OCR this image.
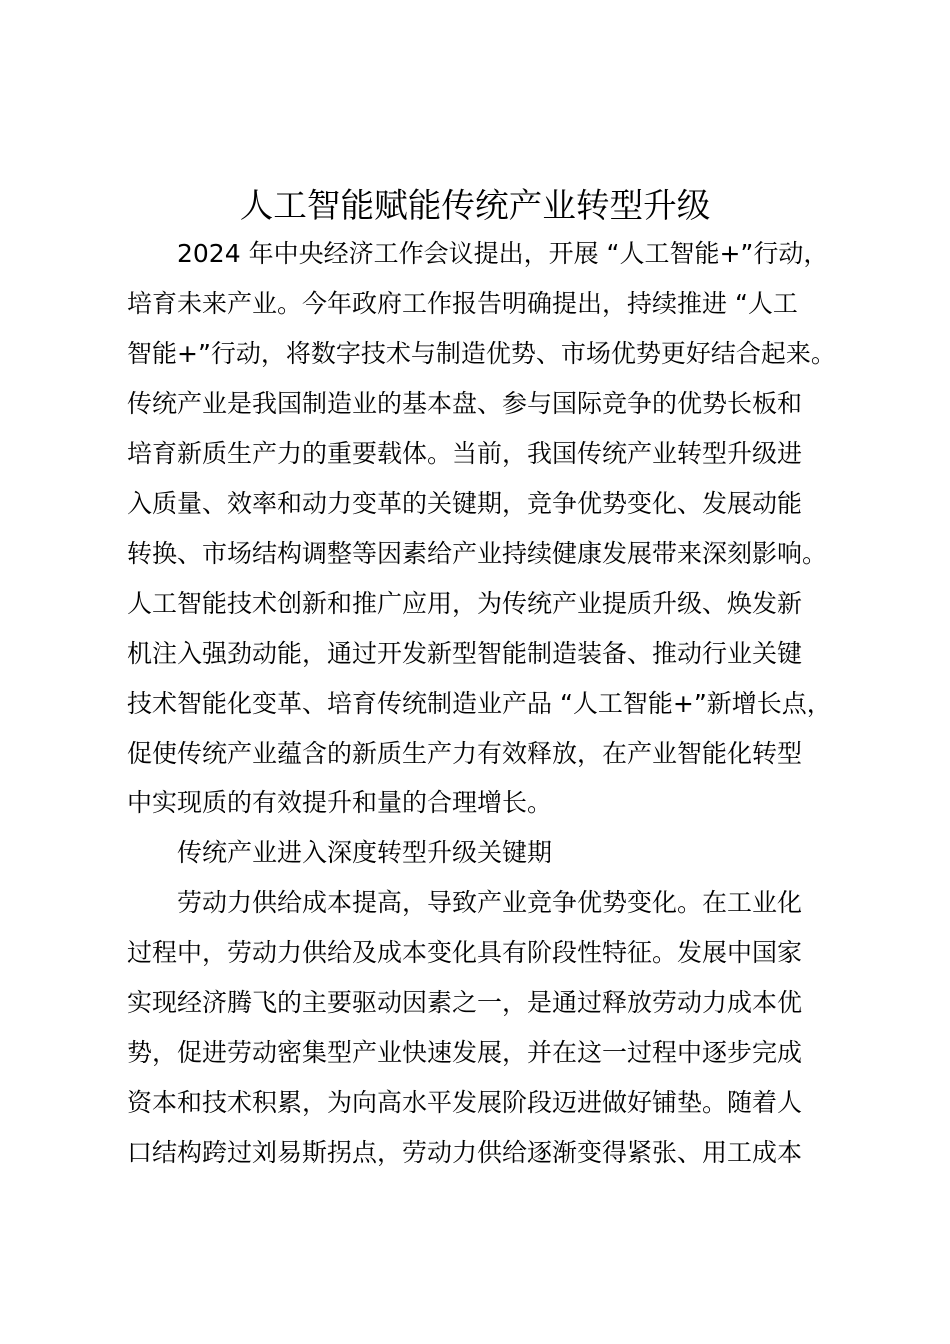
人工智能赋能传统产业转型升级
2024 年中央经济工作会议提出，开展 “人工智能+”行动，
培育未来产业。今年政府工作报告明确提出，持续推进 “人工
智能+”行动，将数字技术与制造优势、市场优势更好结合起来。
传统产业是我国制造业的基本盘、参与国际竞争的优势长板和
培育新质生产力的重要载体。当前，我国传统产业转型升级进
入质量、效率和动力变革的关键期，竞争优势变化、发展动能
转换、市场结构调整等因素给产业持续健康发展带来深刻影响。
人工智能技术创新和推广应用，为传统产业提质升级、焕发新
机注入强劲动能，通过开发新型智能制造装备、推动行业关键
技术智能化变革、培育传统制造业产品 “人工智能+”新增长点，
促使传统产业蕴含的新质生产力有效释放，在产业智能化转型
中实现质的有效提升和量的合理增长。
传统产业进入深度转型升级关键期
劳动力供给成本提高，导致产业竞争优势变化。在工业化
过程中，劳动力供给及成本变化具有阶段性特征。发展中国家
实现经济腾飞的主要驱动因素之一，是通过释放劳动力成本优
势，促进劳动密集型产业快速发展，并在这一过程中逐步完成
资本和技术积累，为向高水平发展阶段迈进做好铺垫。随着人
口结构跨过刘易斯拐点，劳动力供给逐渐变得紧张、用工成本
